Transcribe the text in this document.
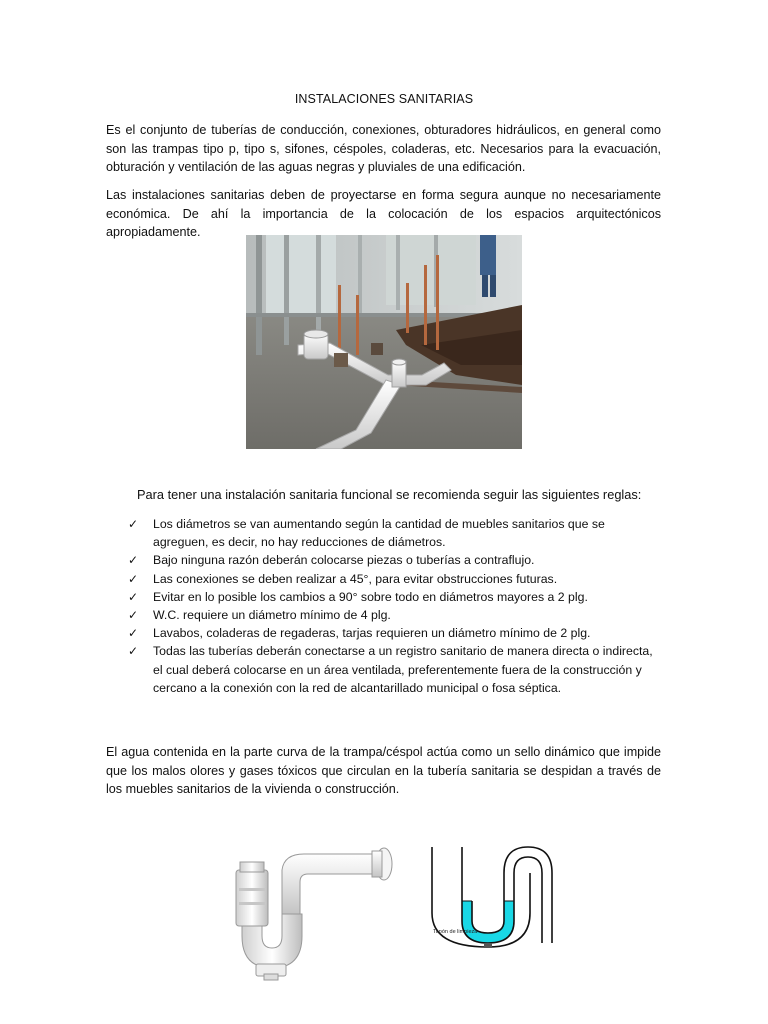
INSTALACIONES SANITARIAS

Es el conjunto de tuberías de conducción, conexiones, obturadores hidráulicos, en general como son las trampas tipo p, tipo s, sifones, céspoles, coladeras, etc. Necesarios para la evacuación, obturación y ventilación de las aguas negras y pluviales de una edificación.

Las instalaciones sanitarias deben de proyectarse en forma segura aunque no necesariamente económica. De ahí la importancia de la colocación de los espacios arquitectónicos apropiadamente.

Para tener una instalación sanitaria funcional se recomienda seguir las siguientes reglas:

✓ Los diámetros se van aumentando según la cantidad de muebles sanitarios que se agreguen, es decir, no hay reducciones de diámetros.
✓ Bajo ninguna razón deberán colocarse piezas o tuberías a contraflujo.
✓ Las conexiones se deben realizar a 45°, para evitar obstrucciones futuras.
✓ Evitar en lo posible los cambios a 90° sobre todo en diámetros mayores a 2 plg.
✓ W.C. requiere un diámetro mínimo de 4 plg.
✓ Lavabos, coladeras de regaderas, tarjas requieren un diámetro mínimo de 2 plg.
✓ Todas las tuberías deberán conectarse a un registro sanitario de manera directa o indirecta, el cual deberá colocarse en un área ventilada, preferentemente fuera de la construcción y cercano a la conexión con la red de alcantarillado municipal o fosa séptica.

El agua contenida en la parte curva de la trampa/céspol actúa como un sello dinámico que impide que los malos olores y gases tóxicos que circulan en la tubería sanitaria se despidan a través de los muebles sanitarios de la vivienda o construcción.

Tapón de limpieza
